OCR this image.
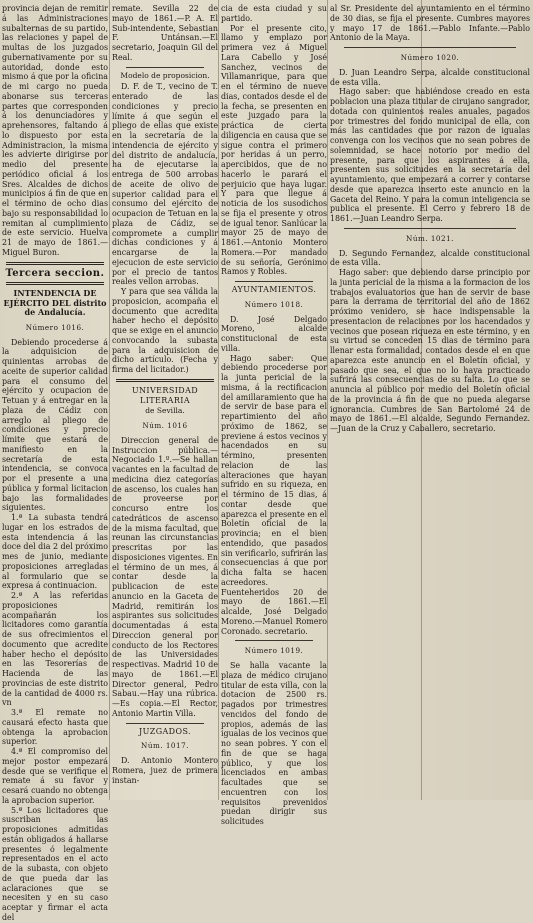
provincia dejan de remitir á las Administraciones subalternas de su partido, las relaciones y papel de multas de los juzgados gubernativamente por su autoridad, donde esto mismo á que por la oficina de mi cargo no pueda abonarse sus terceras partes que corresponden á los denunciadores y aprehensores, faltando á lo dispuesto por esta Administracion, la misma les advierte dirigirse por medio del presente periódico oficial á los Sres. Alcaldes de dichos municipios á fin de que en el término de ocho dias bajo su responsabilidad lo remitan al cumplimiento de este servicio. Huelva 21 de mayo de 1861.—Miguel Buron.

Tercera seccion.
INTENDENCIA DE EJÉRCITO DEL distrito de Andalucía.
Número 1016.

Debiendo procederse á la adquisicion de quinientas arrobas de aceite de superior calidad para el consumo del ejército y ocupacion de Tetuan y á entregar en la plaza de Cádiz con arreglo al pliego de condiciones y precio límite que estará de manifiesto en la secretaría de esta intendencia, se convoca por el presente a una pública y formal licitacion bajo las formalidades siguientes.

1.ª La subasta tendrá lugar en los estrados de esta intendencia á las doce del dia 2 del próximo mes de junio, mediante proposiciones arregladas al formulario que se expresa á continuacion.

2.ª A las referidas proposiciones acompañarán los licitadores como garantía de sus ofrecimientos el documento que acredite haber hecho el depósito en las Tesorerías de Hacienda de las provincias de este distrito de la cantidad de 4000 rs. vn

3.ª El remate no causará efecto hasta que obtenga la aprobacion superior.

4.ª El compromiso del mejor postor empezará desde que se verifique el remate á su favor y cesará cuando no obtenga la aprobacion superior.

5.ª Los licitadores que suscriban las proposiciones admitidas están obligados á hallarse presentes ó legalmente representados en el acto de la subasta, con objeto de que pueda dar las aclaraciones que se necesiten y en su caso aceptar y firmar el acta del

remate. Sevilla 22 de mayo de 1861.—P. A. El Sub-intendente, Sebastian F. Untánsan.—El secretario, Joaquin Gil del Real.

Modelo de proposicion.

D. F. de T., vecino de T. enterado de las condiciones y precio límite á que según el pliego de ellas que existe en la secretaría de la intendencia de ejército y del distrito de andalucía, ha de ejecutarse la entrega de 500 arrobas de aceite de olivo de superior calidad para el consumo del ejército de ocupacion de Tetuan en la plaza de Cádiz, se compromete a cumplir dichas condiciones y á encargarse de la ejecucion de este servicio por el precio de tantos reales vellon arrobas.

Y para que sea válida la proposicion, acompaña el documento que acredita haber hecho el depósito que se exige en el anuncio convocando la subasta para la adquisicion de dicho artículo. (Fecha y firma del licitador.)

UNIVERSIDAD LITERARIA
de Sevilla.
Núm. 1016

Direccion general de Instruccion pública.—Negociado 1.º.—Se hallan vacantes en la facultad de medicina diez categorías de ascenso, los cuales han de proveerse por concurso entre los catedráticos de ascenso de la misma facultad, que reunan las circunstancias prescritas por las disposiciones vigentes. En el término de un mes, á contar desde la publicacion de este anuncio en la Gaceta de Madrid, remitirán los aspirantes sus solicitudes documentadas á esta Direccion general por conducto de los Rectores de las Universidades respectivas. Madrid 10 de mayo de 1861.—El Director general, Pedro Sabau.—Hay una rúbrica.—Es copia.—El Rector, Antonio Martin Villa.

JUZGADOS.
Núm. 1017.

D. Antonio Montero Romera, juez de primera instan-

cia de esta ciudad y su partido.

Por el presente cito, llamo y emplazo por primera vez á Miguel Lara Cabello y José Sanchez, vecinos de Villamanrique, para que en el término de nueve dias, contados desde el de la fecha, se presenten en este juzgado para la práctica de cierta diligencia en causa que se sigue contra el primero por heridas á un perro, apercibidos, que de no hacerlo le parará el perjuicio que haya lugar. Y para que llegue á noticia de los susodichos se fija el presente y otros de igual tenor. Sanlúcar la mayor 25 de mayo de 1861.—Antonio Montero Romera.—Por mandado de su señoría, Gerónimo Ramos y Robles.

AYUNTAMIENTOS.
Número 1018.

D. José Delgado Moreno, alcalde constitucional de esta villa.

Hago saber: Que debiendo procederse por la junta pericial de la misma, á la rectificacion del amillaramiento que ha de servir de base para el repartimiento del año próximo de 1862, se previene á estos vecinos y hacendados en su término, presenten relacion de las alteraciones que hayan sufrido en su riqueza, en el término de 15 dias, á contar desde que aparezca el presente en el Boletín oficial de la provincia; en el bien entendido, que pasados sin verificarlo, sufrirán las consecuencias á que por dicha falta se hacen acreedores. Fuenteheridos 20 de mayo de 1861.—El alcalde, José Delgado Moreno.—Manuel Romero Coronado. secretario.

Número 1019.

Se halla vacante la plaza de médico cirujano titular de esta villa, con la dotacion de 2500 rs. pagados por trimestres vencidos del fondo de propios, además de las igualas de los vecinos que no sean pobres. Y con el fin de que se haga público, y que los licenciados en ambas facultades que se encuentren con los requisitos prevenidos puedan dirigir sus solicitudes

al Sr. Presidente del ayuntamiento en el término de 30 dias, se fija el presente. Cumbres mayores y mayo 17 de 1861.—Pablo Infante.—Pablo Antonio de la Maya.

Número 1020.

D. Juan Leandro Serpa, alcalde constitucional de esta villa.

Hago saber: que habiéndose creado en esta poblacion una plaza titular de cirujano sangrador, dotada con quinientos reales anuales, pagados por trimestres del fondo municipal de ella, con más las cantidades que por razon de igualas convenga con los vecinos que no sean pobres de solemnidad, se hace notorio por medio del presente, para que los aspirantes á ella, presenten sus solicitudes en la secretaría del ayuntamiento, que empezará a correr y contarse desde que aparezca inserto este anuncio en la Gaceta del Reino. Y para la comun inteligencia se publica el presente. El Cerro y febrero 18 de 1861.—Juan Leandro Serpa.

Núm. 1021.

D. Segundo Fernandez, alcalde constitucional de esta villa.

Hago saber: que debiendo darse principio por la junta pericial de la misma a la formacion de los trabajos evaluatorios que han de servir de base para la derrama de territorial del año de 1862 próximo venidero, se hace indispensable la presentacion de relaciones por los hacendados y vecinos que posean riqueza en este término, y en su virtud se conceden 15 dias de término para llenar esta formalidad, contados desde el en que aparezca este anuncio en el Boletín oficial, y pasado que sea, el que no lo haya practicado sufrirá las consecuencias de su falta. Lo que se anuncia al público por medio del Boletín oficial de la provincia á fin de que no pueda alegarse ignorancia. Cumbres de San Bartolomé 24 de mayo de 1861.—El alcalde, Segundo Fernandez.—Juan de la Cruz y Caballero, secretario.
